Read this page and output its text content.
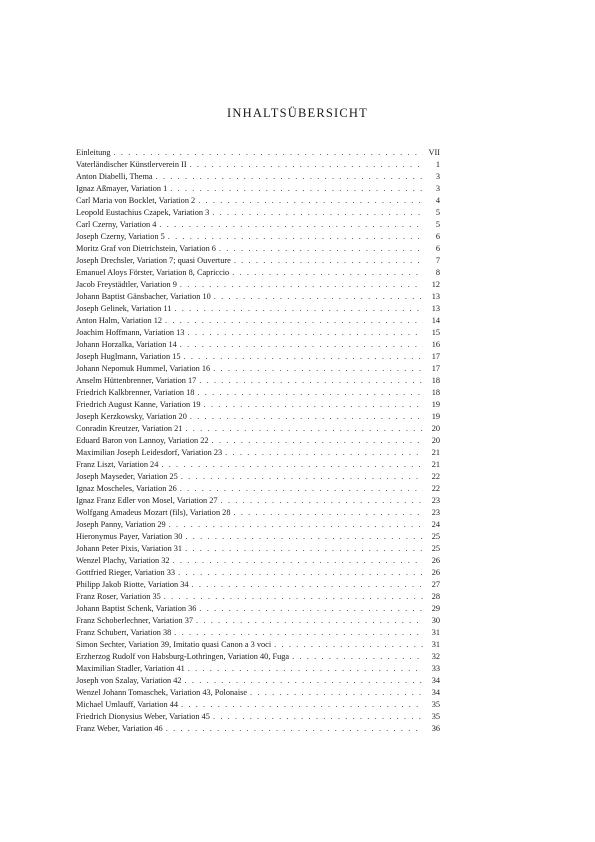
INHALTSÜBERSICHT
Einleitung . . .	VII
Vaterländischer Künstlerverein II . . .	1
Anton Diabelli, Thema . . .	3
Ignaz Aßmayer, Variation 1 . . .	3
Carl Maria von Bocklet, Variation 2 . . .	4
Leopold Eustachius Czapek, Variation 3 . . .	5
Carl Czerny, Variation 4 . . .	5
Joseph Czerny, Variation 5 . . .	6
Moritz Graf von Dietrichstein, Variation 6 . . .	6
Joseph Drechsler, Variation 7; quasi Ouverture . . .	7
Emanuel Aloys Förster, Variation 8, Capriccio . . .	8
Jacob Freystädtler, Variation 9 . . .	12
Johann Baptist Gänsbacher, Variation 10 . . .	13
Joseph Gelinek, Variation 11 . . .	13
Anton Halm, Variation 12 . . .	14
Joachim Hoffmann, Variation 13 . . .	15
Johann Horzalka, Variation 14 . . .	16
Joseph Huglmann, Variation 15 . . .	17
Johann Nepomuk Hummel, Variation 16 . . .	17
Anselm Hüttenbrenner, Variation 17 . . .	18
Friedrich Kalkbrenner, Variation 18 . . .	18
Friedrich August Kanne, Variation 19 . . .	19
Joseph Kerzkowsky, Variation 20 . . .	19
Conradin Kreutzer, Variation 21 . . .	20
Eduard Baron von Lannoy, Variation 22 . . .	20
Maximilian Joseph Leidesdorf, Variation 23 . . .	21
Franz Liszt, Variation 24 . . .	21
Joseph Mayseder, Variation 25 . . .	22
Ignaz Moscheles, Variation 26 . . .	22
Ignaz Franz Edler von Mosel, Variation 27 . . .	23
Wolfgang Amadeus Mozart (fils), Variation 28 . . .	23
Joseph Panny, Variation 29 . . .	24
Hieronymus Payer, Variation 30 . . .	25
Johann Peter Pixis, Variation 31 . . .	25
Wenzel Plachy, Variation 32 . . .	26
Gottfried Rieger, Variation 33 . . .	26
Philipp Jakob Riotte, Variation 34 . . .	27
Franz Roser, Variation 35 . . .	28
Johann Baptist Schenk, Variation 36 . . .	29
Franz Schoberlechner, Variation 37 . . .	30
Franz Schubert, Variation 38 . . .	31
Simon Sechter, Variation 39, Imitatio quasi Canon a 3 voci . . .	31
Erzherzog Rudolf von Habsburg-Lothringen, Variation 40, Fuga . . .	32
Maximilian Stadler, Variation 41 . . .	33
Joseph von Szalay, Variation 42 . . .	34
Wenzel Johann Tomaschek, Variation 43, Polonaise . . .	34
Michael Umlauff, Variation 44 . . .	35
Friedrich Dionysius Weber, Variation 45 . . .	35
Franz Weber, Variation 46 . . .	36
